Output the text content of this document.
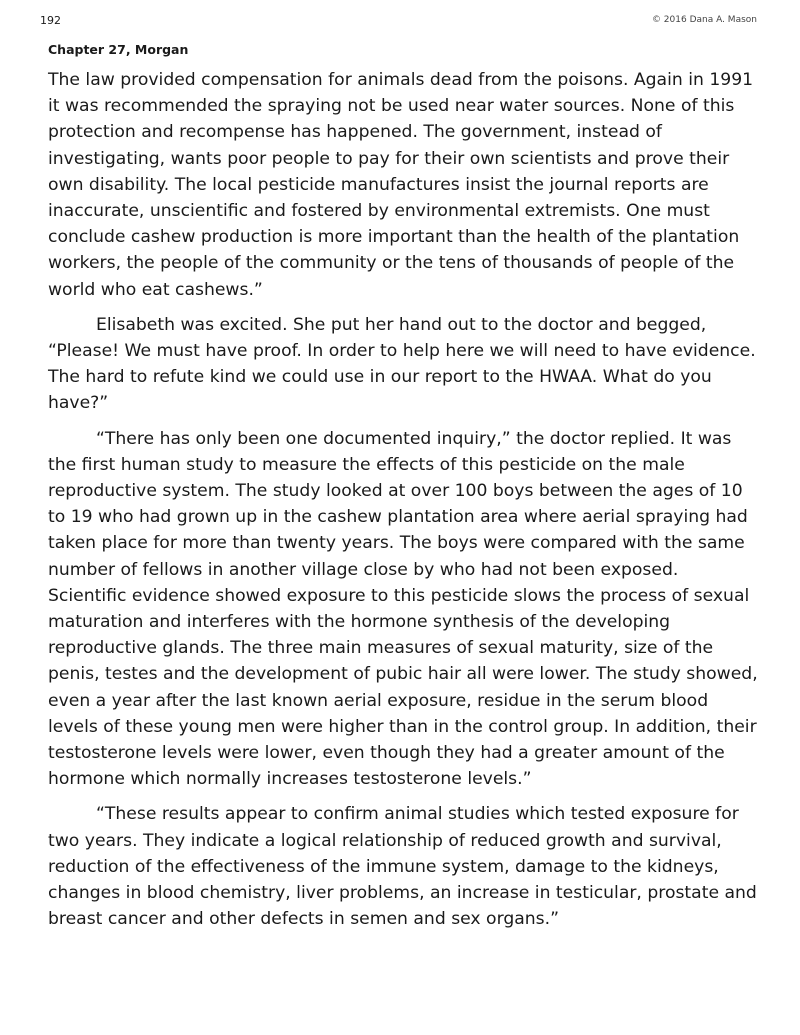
192	© 2016 Dana A. Mason
Chapter 27, Morgan

The law provided compensation for animals dead from the poisons. Again in 1991 it was recommended the spraying not be used near water sources. None of this protection and recompense has happened. The government, instead of investigating, wants poor people to pay for their own scientists and prove their own disability. The local pesticide manufactures insist the journal reports are inaccurate, unscientific and fostered by environmental extremists. One must conclude cashew production is more important than the health of the plantation workers, the people of the community or the tens of thousands of people of the world who eat cashews.”

Elisabeth was excited. She put her hand out to the doctor and begged, “Please! We must have proof. In order to help here we will need to have evidence. The hard to refute kind we could use in our report to the HWAA. What do you have?”

“There has only been one documented inquiry,” the doctor replied. It was the first human study to measure the effects of this pesticide on the male reproductive system. The study looked at over 100 boys between the ages of 10 to 19 who had grown up in the cashew plantation area where aerial spraying had taken place for more than twenty years. The boys were compared with the same number of fellows in another village close by who had not been exposed. Scientific evidence showed exposure to this pesticide slows the process of sexual maturation and interferes with the hormone synthesis of the developing reproductive glands. The three main measures of sexual maturity, size of the penis, testes and the development of pubic hair all were lower. The study showed, even a year after the last known aerial exposure, residue in the serum blood levels of these young men were higher than in the control group. In addition, their testosterone levels were lower, even though they had a greater amount of the hormone which normally increases testosterone levels.”

“These results appear to confirm animal studies which tested exposure for two years. They indicate a logical relationship of reduced growth and survival, reduction of the effectiveness of the immune system, damage to the kidneys, changes in blood chemistry, liver problems, an increase in testicular, prostate and breast cancer and other defects in semen and sex organs.”
